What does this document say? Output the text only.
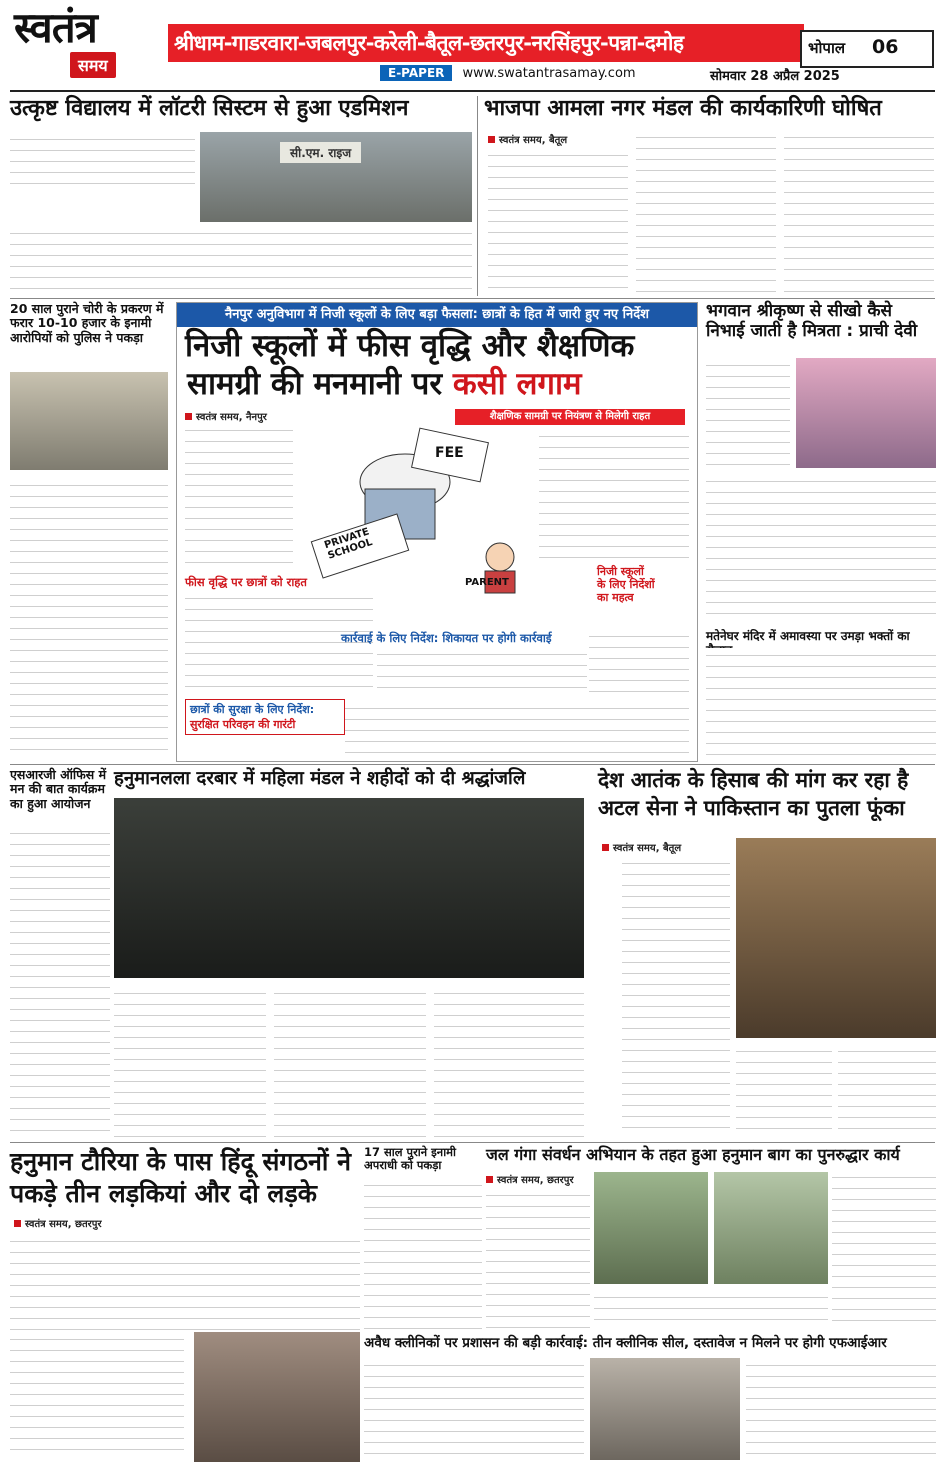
स्वतंत्र
समय
श्रीधाम-गाडरवारा-जबलपुर-करेली-बैतूल-छतरपुर-नरसिंहपुर-पन्ना-दमोह	भोपाल 06
E-PAPER www.swatantrasamay.com	सोमवार 28 अप्रैल 2025
उत्कृष्ट विद्यालय में लॉटरी सिस्टम से हुआ एडमिशन
सी.एम. राइज
भाजपा आमला नगर मंडल की कार्यकारिणी घोषित
स्वतंत्र समय, बैतूल
20 साल पुराने चोरी के प्रकरण में फरार 10-10 हजार के इनामी आरोपियों को पुलिस ने पकड़ा
नैनपुर अनुविभाग में निजी स्कूलों के लिए बड़ा फैसला: छात्रों के हित में जारी हुए नए निर्देश
निजी स्कूलों में फीस वृद्धि और शैक्षणिक
सामग्री की मनमानी पर कसी लगाम
स्वतंत्र समय, नैनपुर	शैक्षणिक सामग्री पर नियंत्रण से मिलेगी राहत
FEE
PRIVATE SCHOOL
PARENT
निजी स्कूलों
के लिए निर्देशों
का महत्व
फीस वृद्धि पर छात्रों को राहत
कार्रवाई के लिए निर्देश: शिकायत पर होगी कार्रवाई
छात्रों की सुरक्षा के लिए निर्देश:
सुरक्षित परिवहन की गारंटी
भगवान श्रीकृष्ण से सीखो कैसे निभाई जाती है मित्रता : प्राची देवी
मतेनेघर मंदिर में अमावस्या पर उमड़ा भक्तों का
एसआरजी ऑफिस में मन की बात कार्यक्रम का हुआ आयोजन
हनुमानलला दरबार में महिला मंडल ने शहीदों को दी श्रद्धांजलि	देश आतंक के हिसाब की मांग कर रहा है
अटल सेना ने पाकिस्तान का पुतला फूंका
स्वतंत्र समय, बैतूल
हनुमान टौरिया के पास हिंदू संगठनों ने पकड़े तीन लड़कियां और दो लड़के
स्वतंत्र समय, छतरपुर
17 साल पुराने इनामी अपराधी को पकड़ा
जल गंगा संवर्धन अभियान के तहत हुआ हनुमान बाग का पुनरुद्धार कार्य
स्वतंत्र समय, छतरपुर
अवैध क्लीनिकों पर प्रशासन की बड़ी कार्रवाई: तीन क्लीनिक सील, दस्तावेज न मिलने पर होगी एफआईआर
